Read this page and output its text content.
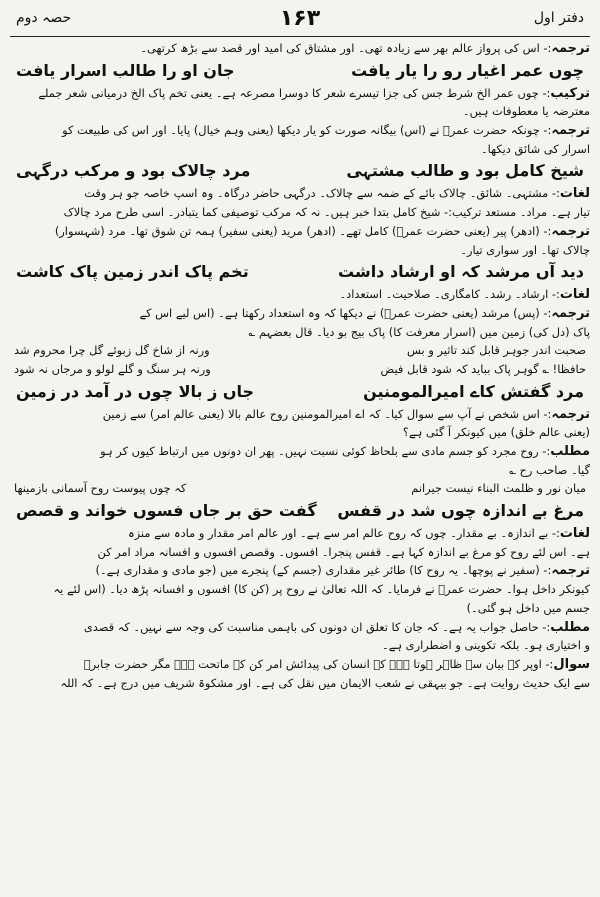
دفتر اول
۱۶۳
حصہ دوم
ترجمہ:- اس کی پرواز عالم بھر سے زیادہ تھی۔ اور مشتاق کی امید اور قصد سے بڑھ کرتھی۔
چوں عمر اغیار رو را یار یافت
جان او را طالب اسرار یافت
ترکیب:- چوں عمر الخ شرط جس کی جزا تیسرے شعر کا دوسرا مصرعہ ہے۔ یعنی تخم پاک الخ درمیانی شعر جملے
معترضہ یا معطوفات ہیں۔
ترجمہ:- چونکہ حضرت عمرؓ نے (اس) بیگانہ صورت کو یار دیکھا (یعنی وہم خیال) پایا۔ اور اس کی طبیعت کو
اسرار کی شائق دیکھا۔
شیخ کامل بود و طالب مشتہی
مرد چالاک بود و مرکب درگہی
لغات:- مشتہی۔ شائق۔ چالاک بائے کے ضمہ سے چالاک۔ درگہی حاضر درگاہ۔ وہ اسپ خاصہ جو ہر وقت
تیار ہے۔ مراد۔ مستعد ترکیب:- شیخ کامل بتدا خبر ہیں۔ نہ کہ مرکب توصیفی کما یتبادر۔ اسی طرح مرد چالاک
ترجمہ:- (ادھر) پیر (یعنی حضرت عمرؓ) کامل تھے۔ (ادھر) مرید (یعنی سفیر) ہمہ تن شوق تھا۔ مرد (شہسوار)
چالاک تھا۔ اور سواری تیار۔
دید آں مرشد کہ او ارشاد داشت
تخم پاک اندر زمین پاک کاشت
لغات:- ارشاد۔ رشد۔ کامگاری۔ صلاحیت۔ استعداد۔
ترجمہ:- (پس) مرشد (یعنی حضرت عمرؓ) نے دیکھا کہ وہ استعداد رکھتا ہے۔ (اس لیے اس کے
پاک (دل کی) زمین میں (اسرار معرفت کا) پاک بیج بو دیا۔ قال بعضہم ؎
صحبت اندر جوہر قابل کند تاثیر و بس
ورنہ از شاخ گل زبوئے گل چرا محروم شد
حافظا! ؎ گوہر پاک بباید کہ شود قابل فیض
ورنہ ہر سنگ و گلے لولو و مرجاں نہ شود
مرد گفتش کاے امیرالمومنین
جاں ز بالا چوں در آمد در زمین
ترجمہ:- اس شخص نے آپ سے سوال کیا۔ کہ اے امیرالمومنین روح عالم بالا (یعنی عالم امر) سے زمین
(یعنی عالم خلق) میں کیونکر آ گئی ہے؟
مطلب:- روح مجرد کو جسم مادی سے بلحاظ کوئی نسبت نہیں۔ پھر ان دونوں میں ارتباط کیوں کر ہو
گیا۔ صاحب رح ؎
میان نور و ظلمت البناء نیست جیرانم
کہ چوں پیوست روح آسمانی بازمینها
مرغ بے اندازہ چوں شد در قفس
گفت حق بر جاں فسوں خواند و قصص
لغات:- بے اندازہ۔ بے مقدار۔ چوں کہ روح عالم امر سے ہے۔ اور عالم امر مقدار و مادہ سے منزہ
ہے۔ اس لئے روح کو مرغ بے اندازہ کہا ہے۔ قفس پنجرا۔ افسوں۔ وقصص افسوں و افسانہ مراد امر کن
ترجمہ:- (سفیر نے پوچھا۔ یہ روح کا) طائر غیر مقداری (جسم کے) پنجرے میں (جو مادی و مقداری ہے۔)
کیونکر داخل ہوا۔ حضرت عمرؓ نے فرمایا۔ کہ اللہ تعالیٰ نے روح پر (کن کا) افسوں و افسانہ پڑھ دیا۔ (اس لئے یہ
جسم میں داخل ہو گئی۔)
مطلب:- حاصل جواب یہ ہے۔ کہ جان کا تعلق ان دونوں کی باہمی مناسبت کی وجہ سے نہیں۔ کہ قصدی
و اختیاری ہو۔ بلکہ تکوینی و اضطراری ہے۔
سوال:- اوپر کے بیان سے ظاہر ہوتا ہے۔ کہ انسان کی پیدائش امر کن کے ماتحت ہے۔ مگر حضرت جابرؓ
سے ایک حدیث روایت ہے۔ جو بیہقی نے شعب الایمان میں نقل کی ہے۔ اور مشکوۃ شریف میں درج ہے۔ کہ اللہ
